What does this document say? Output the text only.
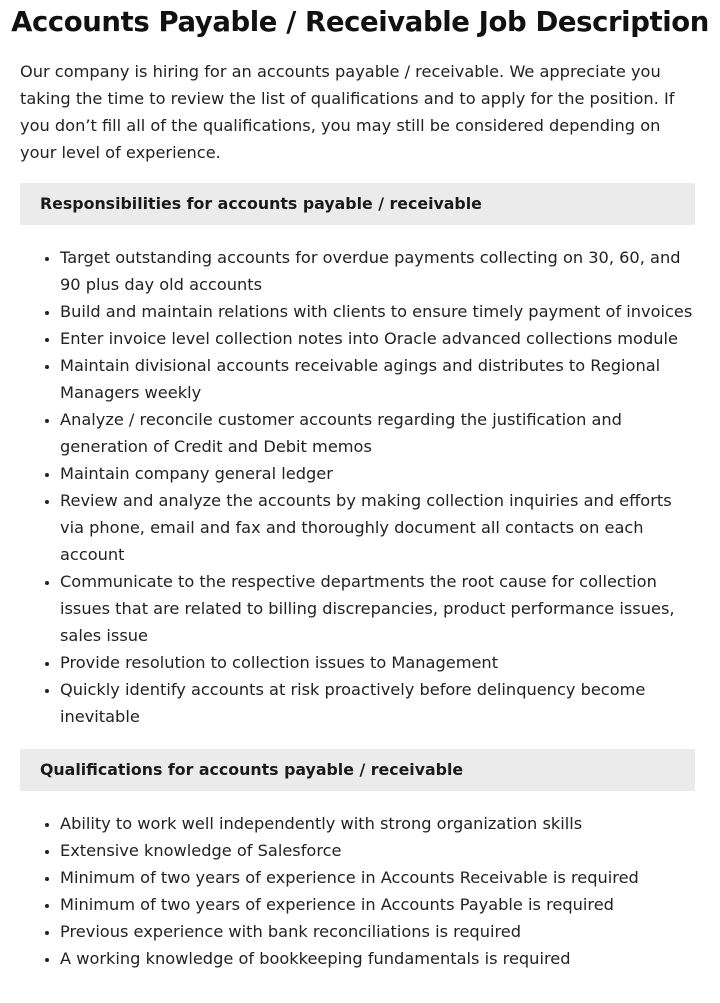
Accounts Payable / Receivable Job Description

Our company is hiring for an accounts payable / receivable. We appreciate you taking the time to review the list of qualifications and to apply for the position. If you don’t fill all of the qualifications, you may still be considered depending on your level of experience.

Responsibilities for accounts payable / receivable
• Target outstanding accounts for overdue payments collecting on 30, 60, and 90 plus day old accounts
• Build and maintain relations with clients to ensure timely payment of invoices
• Enter invoice level collection notes into Oracle advanced collections module
• Maintain divisional accounts receivable agings and distributes to Regional Managers weekly
• Analyze / reconcile customer accounts regarding the justification and generation of Credit and Debit memos
• Maintain company general ledger
• Review and analyze the accounts by making collection inquiries and efforts via phone, email and fax and thoroughly document all contacts on each account
• Communicate to the respective departments the root cause for collection issues that are related to billing discrepancies, product performance issues, sales issue
• Provide resolution to collection issues to Management
• Quickly identify accounts at risk proactively before delinquency become inevitable
Qualifications for accounts payable / receivable
• Ability to work well independently with strong organization skills
• Extensive knowledge of Salesforce
• Minimum of two years of experience in Accounts Receivable is required
• Minimum of two years of experience in Accounts Payable is required
• Previous experience with bank reconciliations is required
• A working knowledge of bookkeeping fundamentals is required
